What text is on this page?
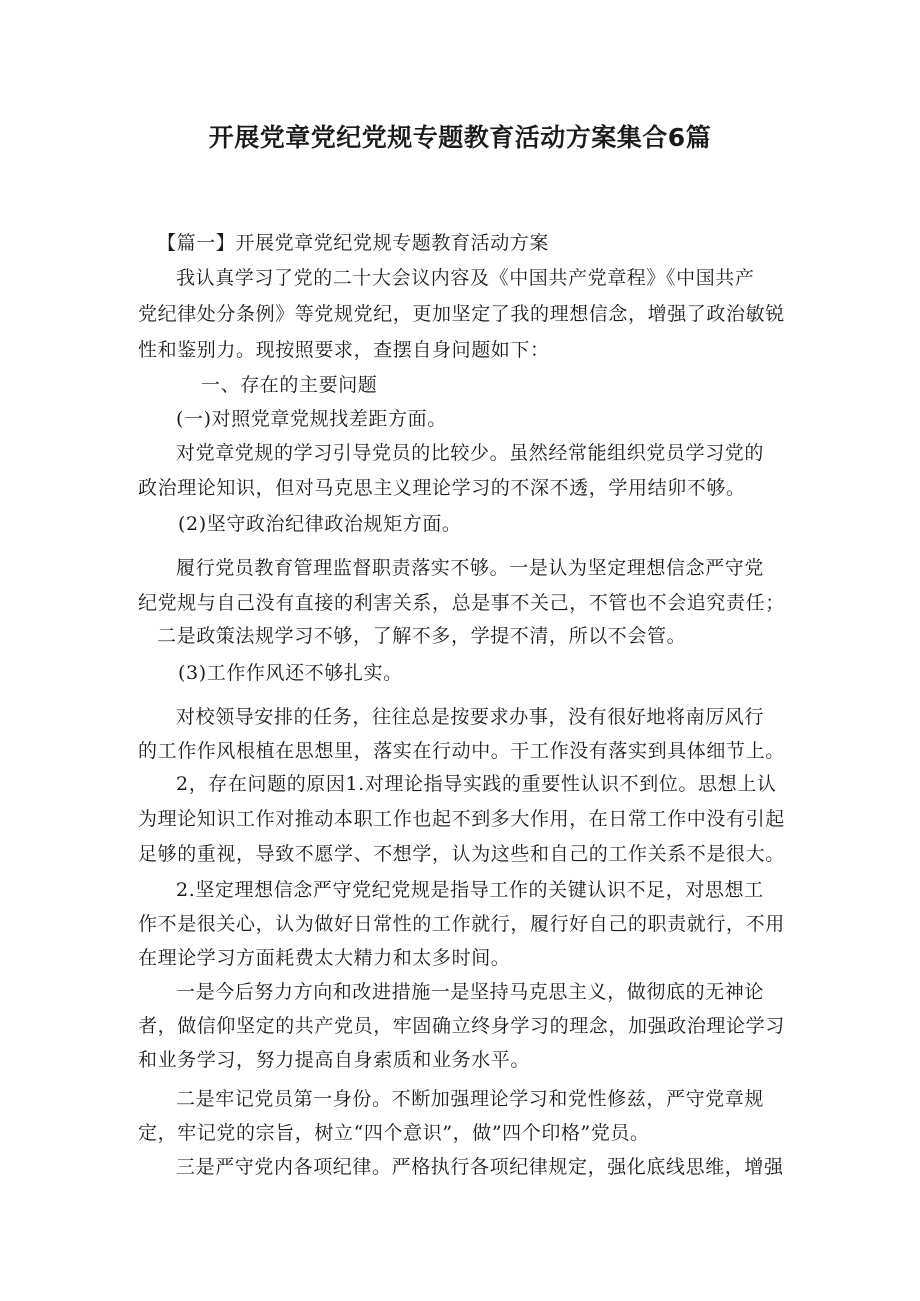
开展党章党纪党规专题教育活动方案集合6篇

【篇一】开展党章党纪党规专题教育活动方案

我认真学习了党的二十大会议内容及《中国共产党章程》《中国共产

党纪律处分条例》等党规党纪，更加坚定了我的理想信念，增强了政治敏锐

性和鉴别力。现按照要求，查摆自身问题如下：

一、存在的主要问题

(一)对照党章党规找差距方面。

对党章党规的学习引导党员的比较少。虽然经常能组织党员学习党的

政治理论知识，但对马克思主义理论学习的不深不透，学用结卯不够。

(2)坚守政治纪律政治规矩方面。

履行党员教育管理监督职责落实不够。一是认为坚定理想信念严守党

纪党规与自己没有直接的利害关系，总是事不关己，不管也不会追究责任；

二是政策法规学习不够，了解不多，学提不清，所以不会管。

(3)工作作风还不够扎实。

对校领导安排的任务，往往总是按要求办事，没有很好地将南厉风行

的工作作风根植在思想里，落实在行动中。干工作没有落实到具体细节上。

2，存在问题的原因1.对理论指导实践的重要性认识不到位。思想上认

为理论知识工作对推动本职工作也起不到多大作用，在日常工作中没有引起

足够的重视，导致不愿学、不想学，认为这些和自己的工作关系不是很大。

2.坚定理想信念严守党纪党规是指导工作的关键认识不足，对思想工

作不是很关心，认为做好日常性的工作就行，履行好自己的职责就行，不用

在理论学习方面耗费太大精力和太多时间。

一是今后努力方向和改进措施一是坚持马克思主义，做彻底的无神论

者，做信仰坚定的共产党员，牢固确立终身学习的理念，加强政治理论学习

和业务学习，努力提高自身索质和业务水平。

二是牢记党员第一身份。不断加强理论学习和党性修兹，严守党章规

定，牢记党的宗旨，树立“四个意识”，做”四个印格”党员。

三是严守党内各项纪律。严格执行各项纪律规定，强化底线思维，增强
